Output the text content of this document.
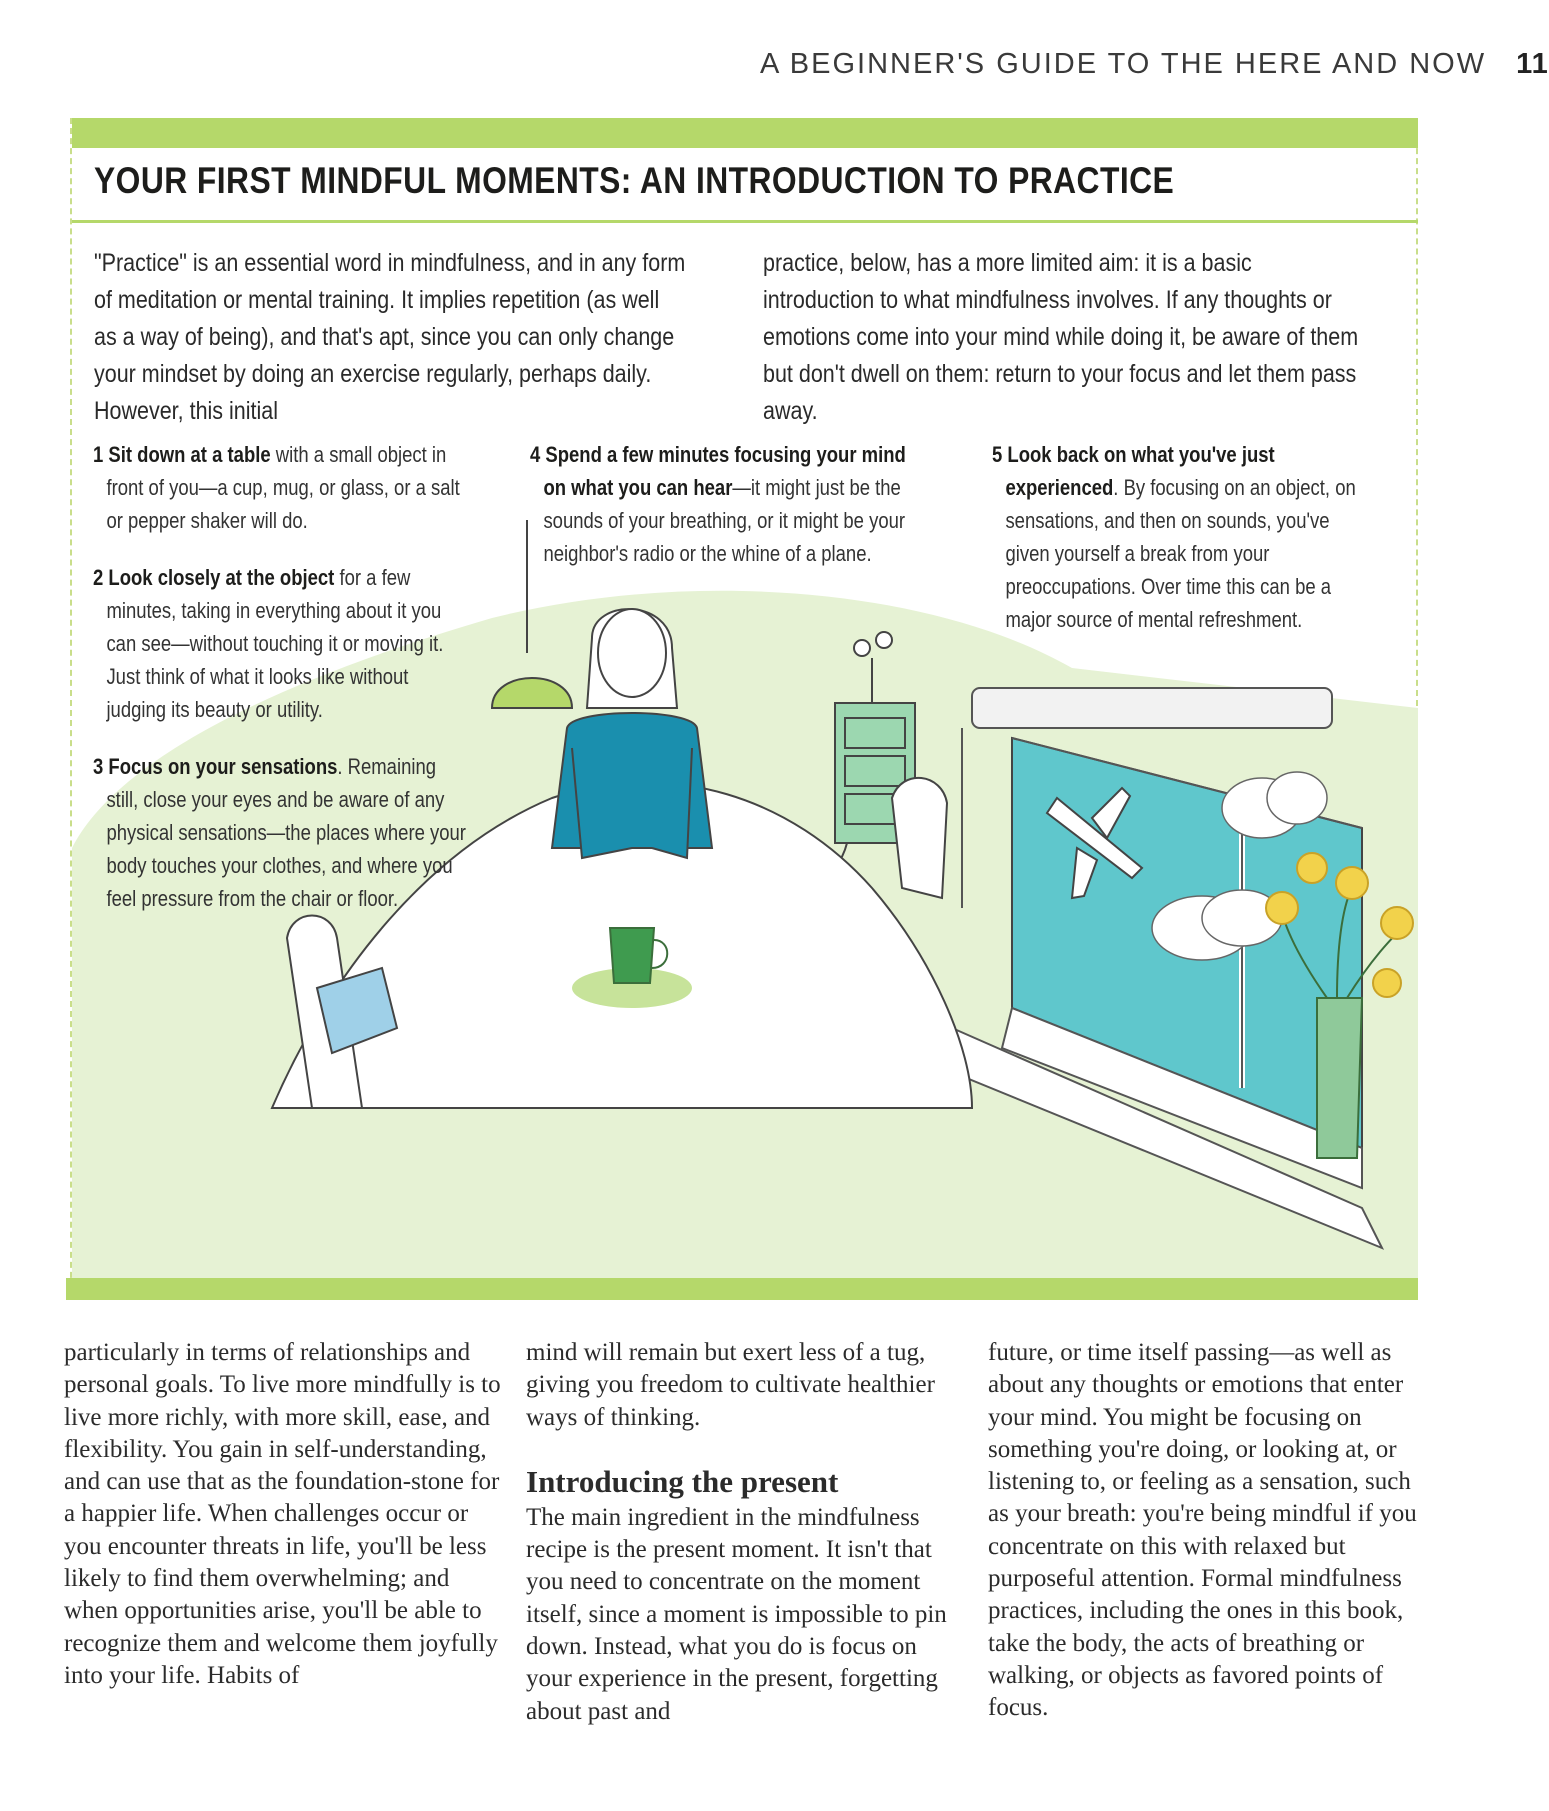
A BEGINNER'S GUIDE TO THE HERE AND NOW 11
YOUR FIRST MINDFUL MOMENTS: AN INTRODUCTION TO PRACTICE
"Practice" is an essential word in mindfulness, and in any form of meditation or mental training. It implies repetition (as well as a way of being), and that's apt, since you can only change your mindset by doing an exercise regularly, perhaps daily. However, this initial
practice, below, has a more limited aim: it is a basic introduction to what mindfulness involves. If any thoughts or emotions come into your mind while doing it, be aware of them but don't dwell on them: return to your focus and let them pass away.
1 Sit down at a table with a small object in front of you—a cup, mug, or glass, or a salt or pepper shaker will do.
2 Look closely at the object for a few minutes, taking in everything about it you can see—without touching it or moving it. Just think of what it looks like without judging its beauty or utility.
3 Focus on your sensations. Remaining still, close your eyes and be aware of any physical sensations—the places where your body touches your clothes, and where you feel pressure from the chair or floor.
4 Spend a few minutes focusing your mind on what you can hear—it might just be the sounds of your breathing, or it might be your neighbor's radio or the whine of a plane.
5 Look back on what you've just experienced. By focusing on an object, on sensations, and then on sounds, you've given yourself a break from your preoccupations. Over time this can be a major source of mental refreshment.

particularly in terms of relationships and personal goals. To live more mindfully is to live more richly, with more skill, ease, and flexibility. You gain in self-understanding, and can use that as the foundation-stone for a happier life. When challenges occur or you encounter threats in life, you'll be less likely to find them overwhelming; and when opportunities arise, you'll be able to recognize them and welcome them joyfully into your life. Habits of

mind will remain but exert less of a tug, giving you freedom to cultivate healthier ways of thinking.

Introducing the present

The main ingredient in the mindfulness recipe is the present moment. It isn't that you need to concentrate on the moment itself, since a moment is impossible to pin down. Instead, what you do is focus on your experience in the present, forgetting about past and

future, or time itself passing—as well as about any thoughts or emotions that enter your mind. You might be focusing on something you're doing, or looking at, or listening to, or feeling as a sensation, such as your breath: you're being mindful if you concentrate on this with relaxed but purposeful attention. Formal mindfulness practices, including the ones in this book, take the body, the acts of breathing or walking, or objects as favored points of focus.
